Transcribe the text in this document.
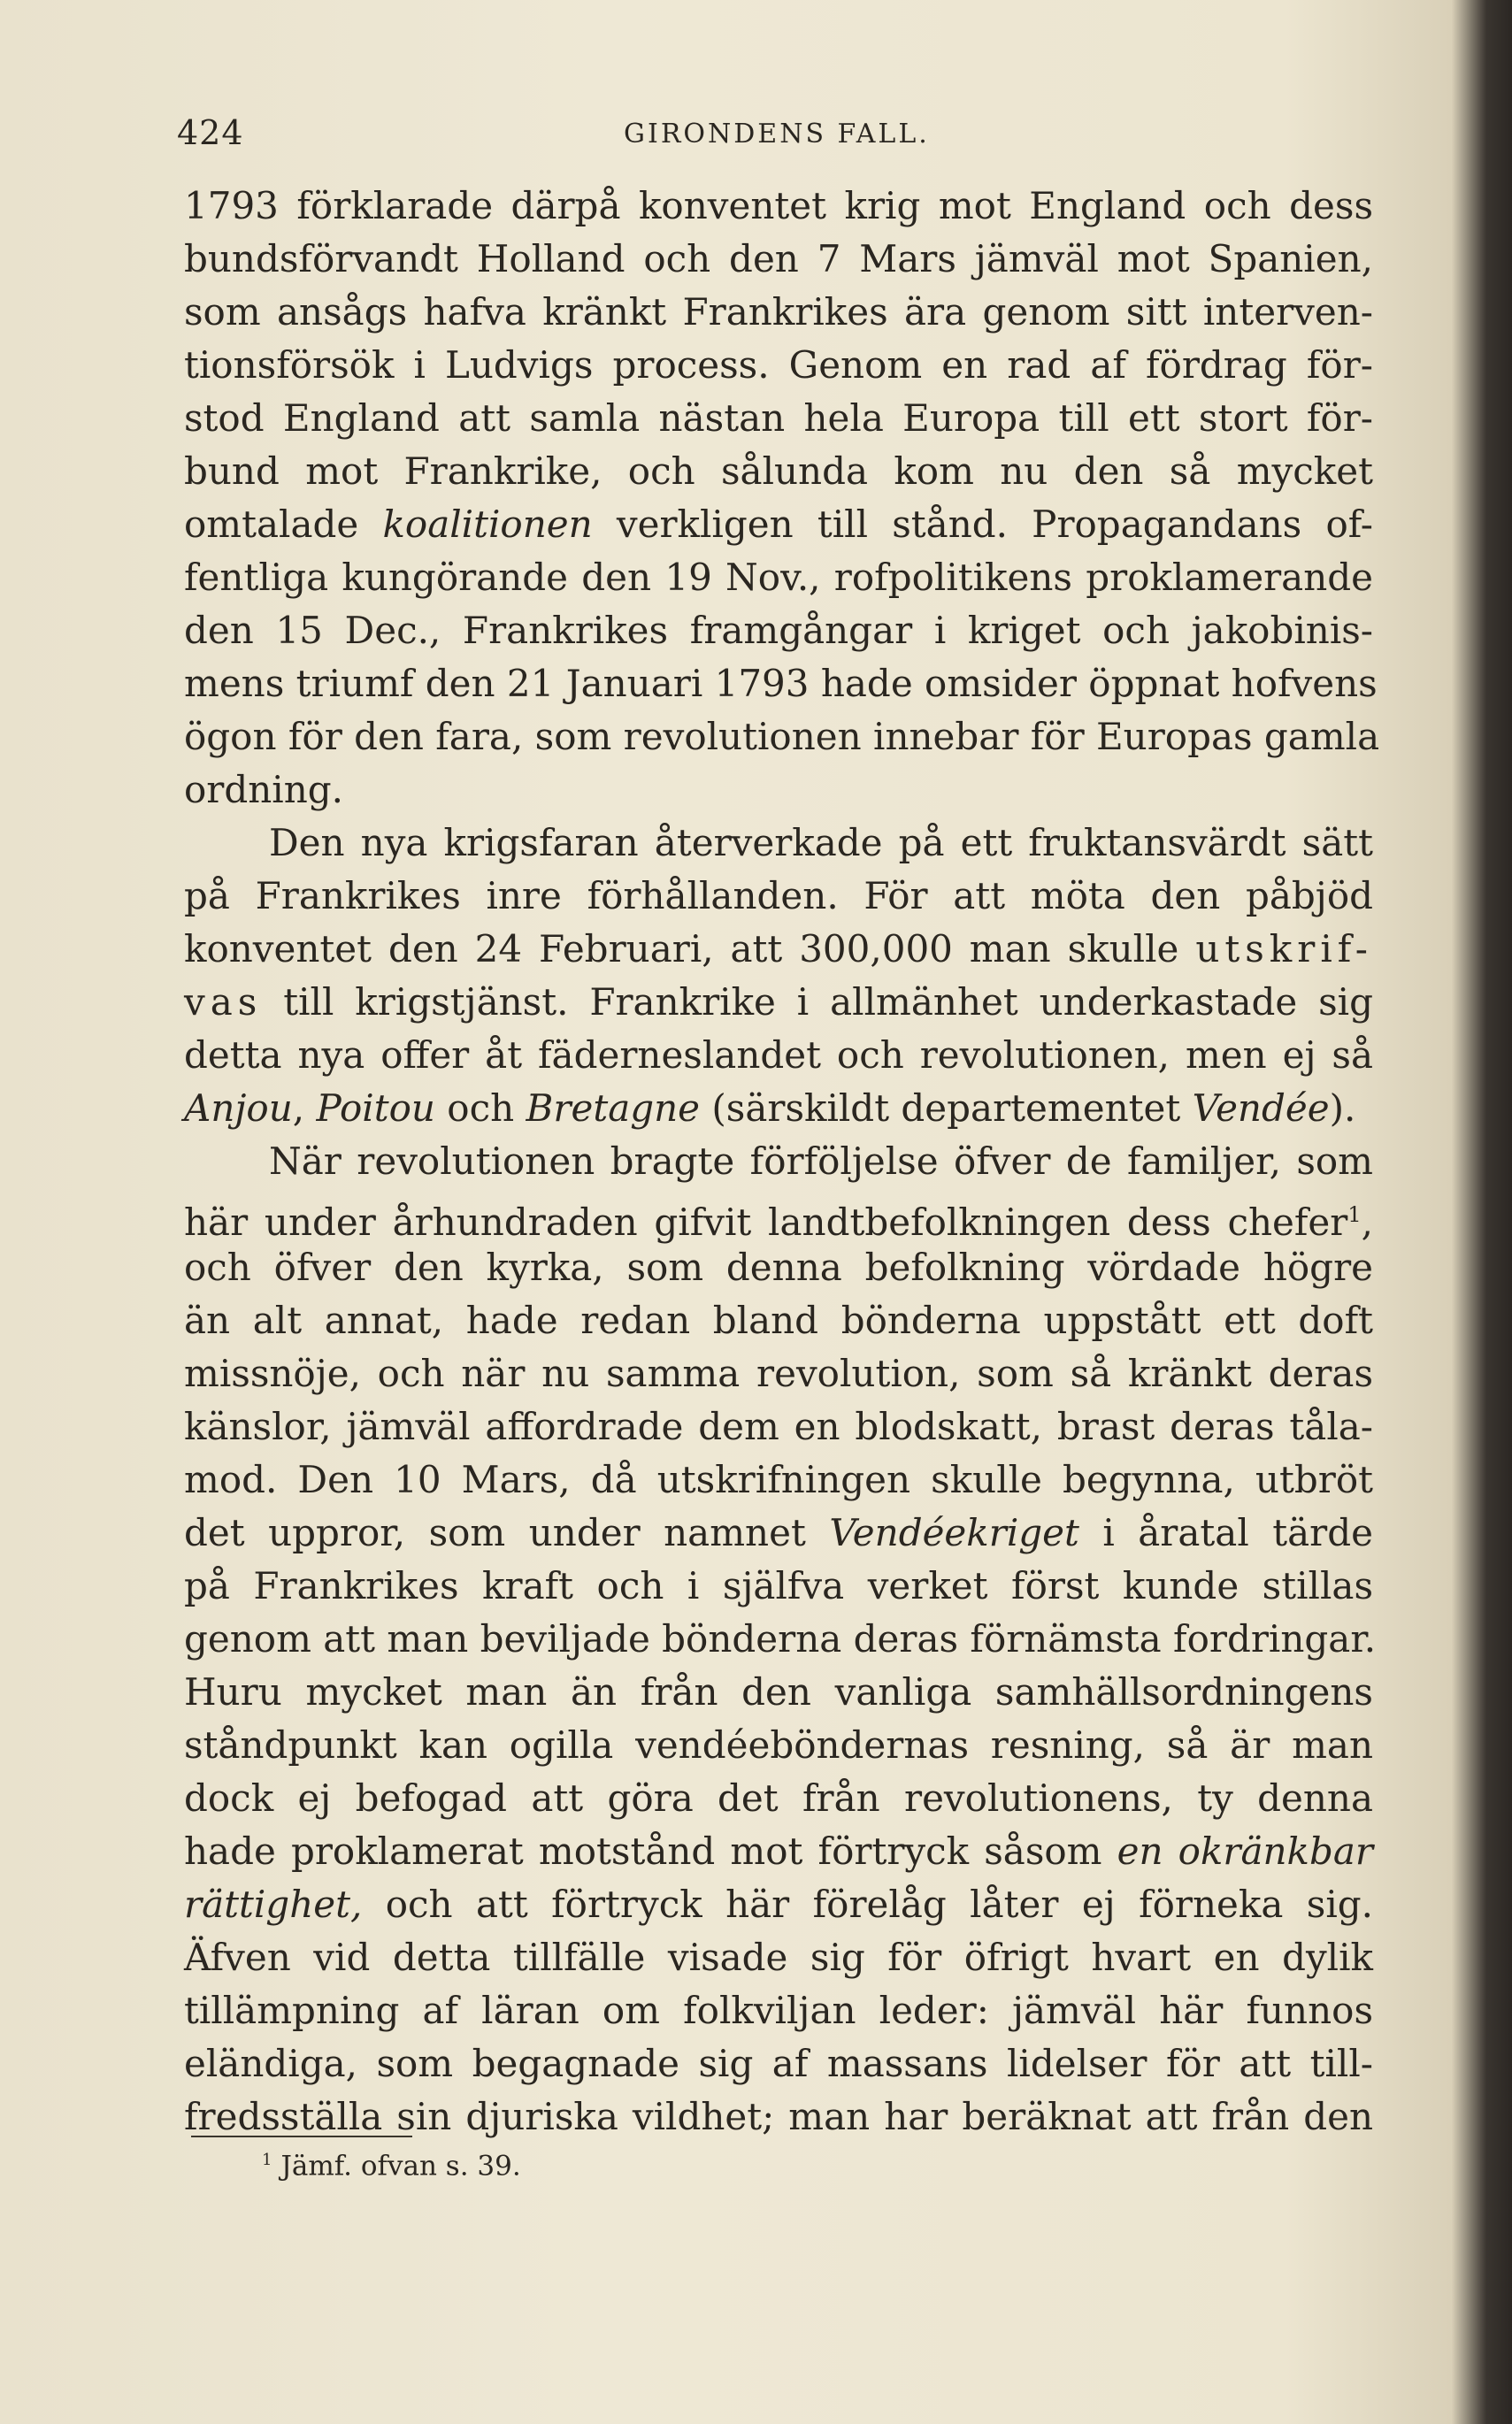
424	GIRONDENS FALL.
1793 förklarade därpå konventet krig mot England och dess
bundsförvandt Holland och den 7 Mars jämväl mot Spanien,
som ansågs hafva kränkt Frankrikes ära genom sitt interven-
tionsförsök i Ludvigs process. Genom en rad af fördrag för-
stod England att samla nästan hela Europa till ett stort för-
bund mot Frankrike, och sålunda kom nu den så mycket
omtalade koalitionen verkligen till stånd. Propagandans of-
fentliga kungörande den 19 Nov., rofpolitikens proklamerande
den 15 Dec., Frankrikes framgångar i kriget och jakobinis-
mens triumf den 21 Januari 1793 hade omsider öppnat hofvens
ögon för den fara, som revolutionen innebar för Europas gamla
ordning.
Den nya krigsfaran återverkade på ett fruktansvärdt sätt
på Frankrikes inre förhållanden. För att möta den påbjöd
konventet den 24 Februari, att 300,000 man skulle utskrif-
vas till krigstjänst. Frankrike i allmänhet underkastade sig
detta nya offer åt fäderneslandet och revolutionen, men ej så
Anjou, Poitou och Bretagne (särskildt departementet Vendée).
När revolutionen bragte förföljelse öfver de familjer, som
här under århundraden gifvit landtbefolkningen dess chefer$^1$,
och öfver den kyrka, som denna befolkning vördade högre
än alt annat, hade redan bland bönderna uppstått ett doft
missnöje, och när nu samma revolution, som så kränkt deras
känslor, jämväl affordrade dem en blodskatt, brast deras tåla-
mod. Den 10 Mars, då utskrifningen skulle begynna, utbröt
det uppror, som under namnet Vendéekriget i åratal tärde
på Frankrikes kraft och i själfva verket först kunde stillas
genom att man beviljade bönderna deras förnämsta fordringar.
Huru mycket man än från den vanliga samhällsordningens
ståndpunkt kan ogilla vendéeböndernas resning, så är man
dock ej befogad att göra det från revolutionens, ty denna
hade proklamerat motstånd mot förtryck såsom en okränkbar
rättighet, och att förtryck här förelåg låter ej förneka sig.
Äfven vid detta tillfälle visade sig för öfrigt hvart en dylik
tillämpning af läran om folkviljan leder: jämväl här funnos
eländiga, som begagnade sig af massans lidelser för att till-
fredsställa sin djuriska vildhet; man har beräknat att från den
$^1$ Jämf. ofvan s. 39.
